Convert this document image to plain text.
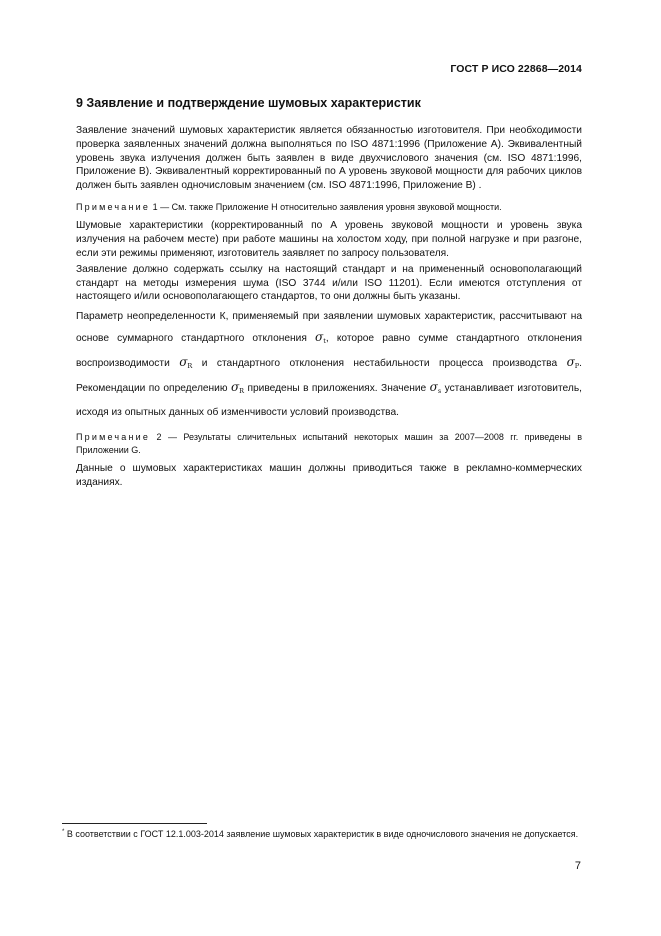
ГОСТ Р ИСО 22868—2014
9 Заявление и подтверждение шумовых характеристик

Заявление значений шумовых характеристик является обязанностью изготовителя. При необходимости проверка заявленных значений должна выполняться по ISO 4871:1996 (Приложение А). Эквивалентный уровень звука излучения должен быть заявлен в виде двухчислового значения (см. ISO 4871:1996, Приложение В). Эквивалентный корректированный по А уровень звуковой мощности для рабочих циклов должен быть заявлен одночисловым значением (см. ISO 4871:1996, Приложение В) .

Примечание 1 — См. также Приложение Н относительно заявления уровня звуковой мощности.

Шумовые характеристики (корректированный по А уровень звуковой мощности и уровень звука излучения на рабочем месте) при работе машины на холостом ходу, при полной нагрузке и при разгоне, если эти режимы применяют, изготовитель заявляет по запросу пользователя.

Заявление должно содержать ссылку на настоящий стандарт и на примененный основополагающий стандарт на методы измерения шума (ISO 3744 и/или ISO 11201). Если имеются отступления от настоящего и/или основополагающего стандартов, то они должны быть указаны.

Параметр неопределенности К, применяемый при заявлении шумовых характеристик, рассчитывают на основе суммарного стандартного отклонения $\sigma_t$, которое равно сумме стандартного отклонения воспроизводимости $\sigma_R$ и стандартного отклонения нестабильности процесса производства $\sigma_P$. Рекомендации по определению $\sigma_R$ приведены в приложениях. Значение $\sigma_s$ устанавливает изготовитель, исходя из опытных данных об изменчивости условий производства.

Примечание 2 — Результаты сличительных испытаний некоторых машин за 2007—2008 гг. приведены в Приложении G.

Данные о шумовых характеристиках машин должны приводиться также в рекламно-коммерческих изданиях.

* В соответствии с ГОСТ 12.1.003-2014 заявление шумовых характеристик в виде одночислового значения не допускается.
7
